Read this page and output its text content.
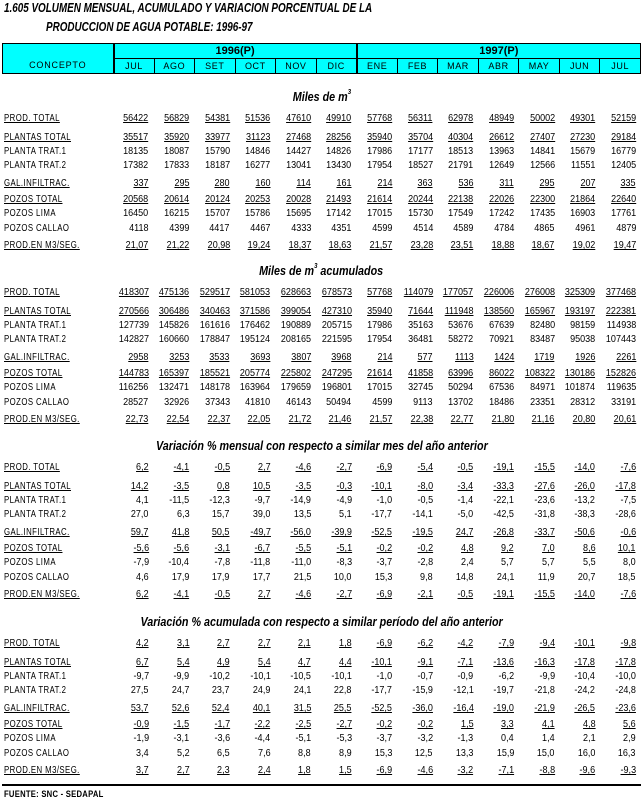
1.605 VOLUMEN MENSUAL, ACUMULADO Y VARIACION PORCENTUAL DE LA
PRODUCCION DE AGUA POTABLE: 1996-97
CONCEPTO	1996(P)						1997(P)						
	JUL	AGO	SET	OCT	NOV	DIC	ENE	FEB	MAR	ABR	MAY	JUN	JUL
Miles de $m^3$
PROD. TOTAL	56422	56829	54381	51536	47610	49910	57768	56311	62978	48949	50002	49301	52159
PLANTAS TOTAL	35517	35920	33977	31123	27468	28256	35940	35704	40304	26612	27407	27230	29184
PLANTA TRAT.1	18135	18087	15790	14846	14427	14826	17986	17177	18513	13963	14841	15679	16779
PLANTA TRAT.2	17382	17833	18187	16277	13041	13430	17954	18527	21791	12649	12566	11551	12405
GAL.INFILTRAC.	337	295	280	160	114	161	214	363	536	311	295	207	335
POZOS TOTAL	20568	20614	20124	20253	20028	21493	21614	20244	22138	22026	22300	21864	22640
POZOS LIMA	16450	16215	15707	15786	15695	17142	17015	15730	17549	17242	17435	16903	17761
POZOS CALLAO	4118	4399	4417	4467	4333	4351	4599	4514	4589	4784	4865	4961	4879
PROD.EN M3/SEG.	21,07	21,22	20,98	19,24	18,37	18,63	21,57	23,28	23,51	18,88	18,67	19,02	19,47
Miles de $m^3$ acumulados
PROD. TOTAL	418307 475136 529517 581053 628663 678573	57768	114079 177057 226006 276008 325309 377468
PLANTAS TOTAL	270566 306486 340463 371586 399054 427310	35940	71644	111948 138560 165967 193197 222381
PLANTA TRAT.1	127739 145826 161616 176462 190889 205715	17986	35163	53676	67639	82480	98159	114938
PLANTA TRAT.2	142827 160660 178847 195124 208165 221595	17954	36481	58272	70921	83487	95038 107443
GAL.INFILTRAC.	2958	3253	3533	3693	3807	3968	214	577	1113	1424	1719	1926	2261
POZOS TOTAL	144783 165397 185521 205774 225802 247295	21614	41858	63996	86022 108322 130186 152826
POZOS LIMA	116256 132471 148178 163964 179659 196801	17015	32745	50294	67536	84971 101874	119635
POZOS CALLAO	28527	32926	37343	41810	46143	50494	4599	9113	13702	18486	23351	28312	33191
PROD.EN M3/SEG.	22,73	22,54	22,37	22,05	21,72	21,46	21,57	22,38	22,77	21,80	21,16	20,80	20,61
Variación % mensual con respecto a similar mes del año anterior
PROD. TOTAL	6,2	-4,1	-0,5	2,7	-4,6	-2,7	-6,9	-5,4	-0,5	-19,1	-15,5	-14,0	-7,6
PLANTAS TOTAL	14,2	-3,5	0,8	10,5	-3,5	-0,3	-10,1	-8,0	-3,4	-33,3	-27,6	-26,0	-17,8
PLANTA TRAT.1	4,1	-11,5	-12,3	-9,7	-14,9	-4,9	-1,0	-0,5	-1,4	-22,1	-23,6	-13,2	-7,5
PLANTA TRAT.2	27,0	6,3	15,7	39,0	13,5	5,1	-17,7	-14,1	-5,0	-42,5	-31,8	-38,3	-28,6
GAL.INFILTRAC.	59,7	41,8	50,5	-49,7	-56,0	-39,9	-52,5	-19,5	24,7	-26,8	-33,7	-50,6	-0,6
POZOS TOTAL	-5,6	-5,6	-3,1	-6,7	-5,5	-5,1	-0,2	-0,2	4,8	9,2	7,0	8,6	10,1
POZOS LIMA	-7,9	-10,4	-7,8	-11,8	-11,0	-8,3	-3,7	-2,8	2,4	5,7	5,7	5,5	8,0
POZOS CALLAO	4,6	17,9	17,9	17,7	21,5	10,0	15,3	9,8	14,8	24,1	11,9	20,7	18,5
PROD.EN M3/SEG.	6,2	-4,1	-0,5	2,7	-4,6	-2,7	-6,9	-2,1	-0,5	-19,1	-15,5	-14,0	-7,6
Variación % acumulada con respecto a similar período del año anterior
PROD. TOTAL	4,2	3,1	2,7	2,7	2,1	1,8	-6,9	-6,2	-4,2	-7,9	-9,4	-10,1	-9,8
PLANTAS TOTAL	6,7	5,4	4,9	5,4	4,7	4,4	-10,1	-9,1	-7,1	-13,6	-16,3	-17,8	-17,8
PLANTA TRAT.1	-9,7	-9,9	-10,2	-10,1	-10,5	-10,1	-1,0	-0,7	-0,9	-6,2	-9,9	-10,4	-10,0
PLANTA TRAT.2	27,5	24,7	23,7	24,9	24,1	22,8	-17,7	-15,9	-12,1	-19,7	-21,8	-24,2	-24,8
GAL.INFILTRAC.	53,7	52,6	52,4	40,1	31,5	25,5	-52,5	-36,0	-16,4	-19,0	-21,9	-26,5	-23,6
POZOS TOTAL	-0,9	-1,5	-1,7	-2,2	-2,5	-2,7	-0,2	-0,2	1,5	3,3	4,1	4,8	5,6
POZOS LIMA	-1,9	-3,1	-3,6	-4,4	-5,1	-5,3	-3,7	-3,2	-1,3	0,4	1,4	2,1	2,9
POZOS CALLAO	3,4	5,2	6,5	7,6	8,8	8,9	15,3	12,5	13,3	15,9	15,0	16,0	16,3
PROD.EN M3/SEG.	3,7	2,7	2,3	2,4	1,8	1,5	-6,9	-4,6	-3,2	-7,1	-8,8	-9,6	-9,3
FUENTE: SNC - SEDAPAL
